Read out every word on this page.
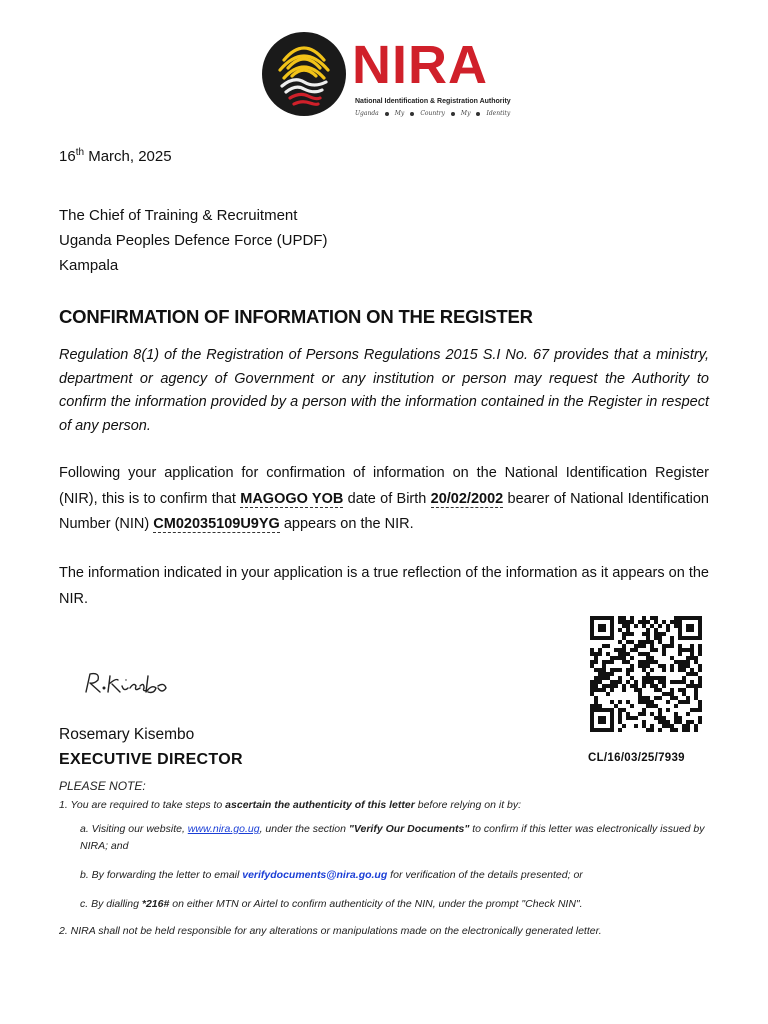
NIRA
National Identification & Registration Authority
Uganda	My	Country	My	Identity
16th March, 2025
The Chief of Training & Recruitment
Uganda Peoples Defence Force (UPDF)
Kampala
CONFIRMATION OF INFORMATION ON THE REGISTER
Regulation 8(1) of the Registration of Persons Regulations 2015 S.I No. 67 provides that a ministry, department or agency of Government or any institution or person may request the Authority to confirm the information provided by a person with the information contained in the Register in respect of any person.
Following your application for confirmation of information on the National Identification Register (NIR), this is to confirm that MAGOGO YOB date of Birth 20/02/2002 bearer of National Identification Number (NIN) CM02035109U9YG appears on the NIR.
The information indicated in your application is a true reflection of the information as it appears on the NIR.
Rosemary Kisembo
EXECUTIVE DIRECTOR	CL/16/03/25/7939
PLEASE NOTE:
1. You are required to take steps to ascertain the authenticity of this letter before relying on it by:
a. Visiting our website, www.nira.go.ug, under the section "Verify Our Documents" to confirm if this letter was electronically issued by NIRA; and
b. By forwarding the letter to email verifydocuments@nira.go.ug for verification of the details presented; or
c. By dialling *216# on either MTN or Airtel to confirm authenticity of the NIN, under the prompt "Check NIN".
2. NIRA shall not be held responsible for any alterations or manipulations made on the electronically generated letter.
